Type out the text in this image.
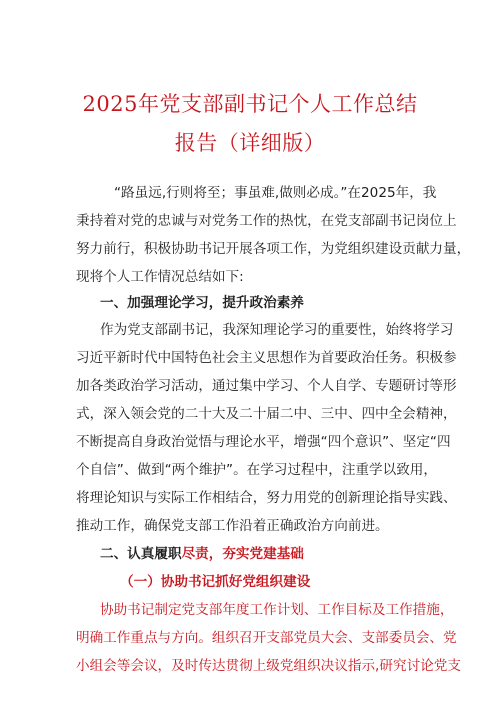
2025年党支部副书记个人工作总结
报告（详细版）
“路虽远,行则将至；事虽难,做则必成。”在2025年，我
秉持着对党的忠诚与对党务工作的热忱，在党支部副书记岗位上
努力前行，积极协助书记开展各项工作，为党组织建设贡献力量，
现将个人工作情况总结如下:
一、加强理论学习，提升政治素养
作为党支部副书记，我深知理论学习的重要性，始终将学习
习近平新时代中国特色社会主义思想作为首要政治任务。积极参
加各类政治学习活动，通过集中学习、个人自学、专题研讨等形
式，深入领会党的二十大及二十届二中、三中、四中全会精神，
不断提高自身政治觉悟与理论水平，增强“四个意识”、坚定“四
个自信”、做到“两个维护”。在学习过程中，注重学以致用，
将理论知识与实际工作相结合，努力用党的创新理论指导实践、
推动工作，确保党支部工作沿着正确政治方向前进。
二、认真履职尽责，夯实党建基础
（一）协助书记抓好党组织建设
协助书记制定党支部年度工作计划、工作目标及工作措施，
明确工作重点与方向。组织召开支部党员大会、支部委员会、党
小组会等会议，及时传达贯彻上级党组织决议指示,研究讨论党支
